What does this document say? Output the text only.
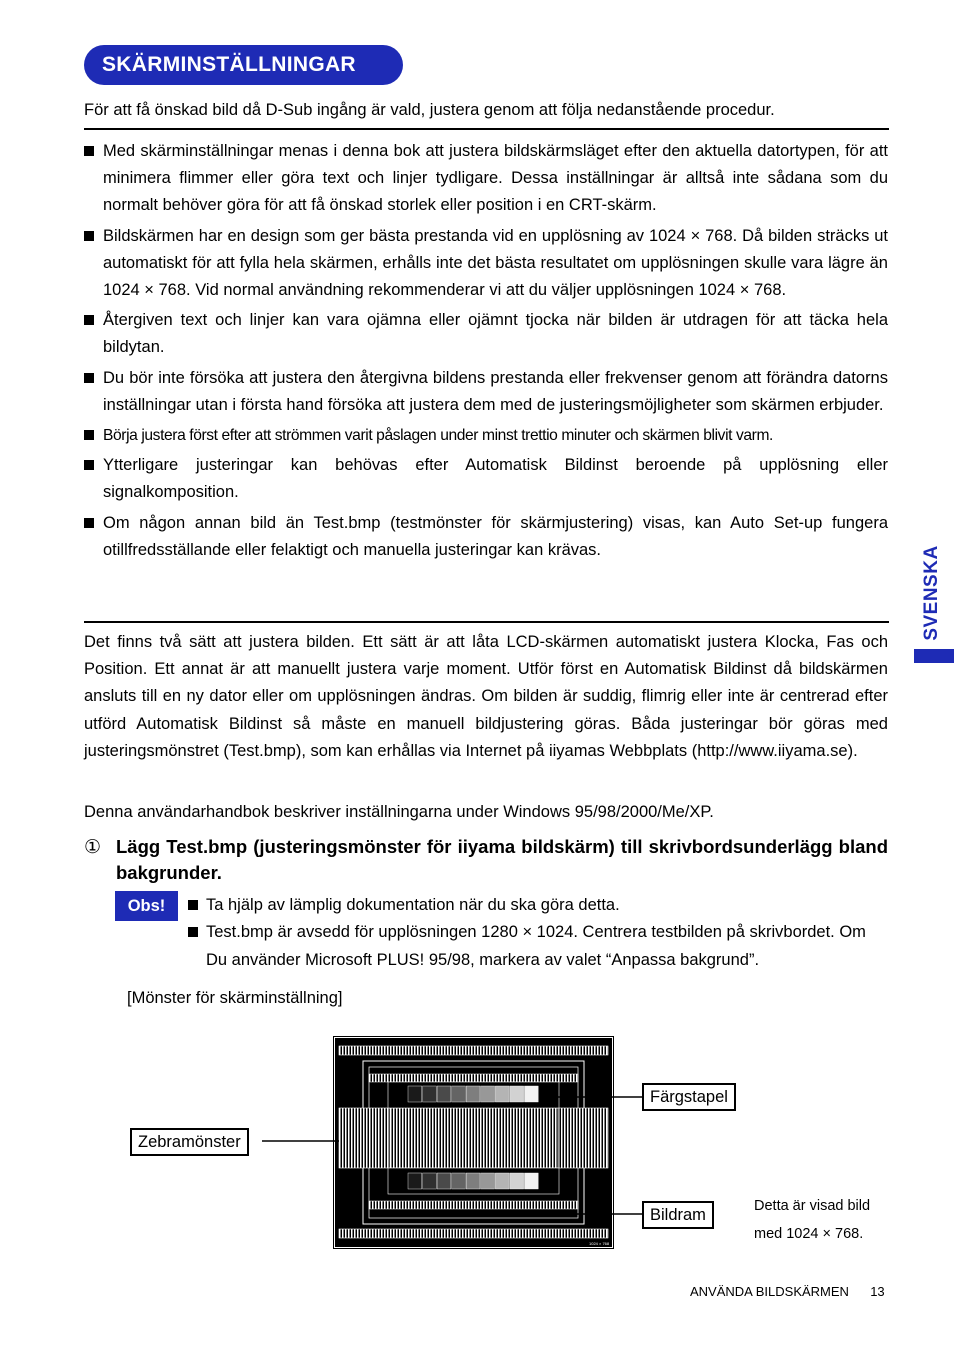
SKÄRMINSTÄLLNINGAR
För att få önskad bild då D-Sub ingång är vald, justera genom att följa nedanstående procedur.
Med skärminställningar menas i denna bok att justera bildskärmsläget efter den aktuella datortypen, för att minimera flimmer eller göra text och linjer tydligare. Dessa inställningar är alltså inte sådana som du normalt behöver göra för att få önskad storlek eller position i en CRT-skärm.
Bildskärmen har en design som ger bästa prestanda vid en upplösning av 1024 × 768. Då bilden sträcks ut automatiskt för att fylla hela skärmen, erhålls inte det bästa resultatet om upplösningen skulle vara lägre än 1024 × 768. Vid normal användning rekommenderar vi att du väljer upplösningen 1024 × 768.
Återgiven text och linjer kan vara ojämna eller ojämnt tjocka när bilden är utdragen för att täcka hela bildytan.
Du bör inte försöka att justera den återgivna bildens prestanda eller frekvenser genom att förändra datorns inställningar utan i första hand försöka att justera dem med de justeringsmöjligheter som skärmen erbjuder.
Börja justera först efter att strömmen varit påslagen under minst trettio minuter och skärmen blivit varm.
Ytterligare justeringar kan behövas efter Automatisk Bildinst beroende på upplösning eller signalkomposition.
Om någon annan bild än Test.bmp (testmönster för skärmjustering) visas, kan Auto Set-up fungera otillfredsställande eller felaktigt och manuella justeringar kan krävas.
Det finns två sätt att justera bilden. Ett sätt är att låta LCD-skärmen automatiskt justera Klocka, Fas och Position. Ett annat är att manuellt justera varje moment. Utför först en Automatisk Bildinst då bildskärmen ansluts till en ny dator eller om upplösningen ändras. Om bilden är suddig, flimrig eller inte är centrerad efter utförd Automatisk Bildinst så måste en manuell bildjustering göras. Båda justeringar bör göras med justeringsmönstret (Test.bmp), som kan erhållas via Internet på iiyamas Webbplats (http://www.iiyama.se).
Denna användarhandbok beskriver inställningarna under Windows 95/98/2000/Me/XP.
① Lägg Test.bmp (justeringsmönster för iiyama bildskärm) till skrivbordsunderlägg bland bakgrunder.
Obs!	Ta hjälp av lämplig dokumentation när du ska göra detta.
Test.bmp är avsedd för upplösningen 1280 × 1024. Centrera testbilden på skrivbordet. Om Du använder Microsoft PLUS! 95/98, markera av valet “Anpassa bakgrund”.
[Mönster för skärminställning]
1024 × 768
Färgstapel
Zebramönster
Bildram	Detta är visad bild
med 1024 × 768.
SVENSKA
ANVÄNDA BILDSKÄRMEN 13
